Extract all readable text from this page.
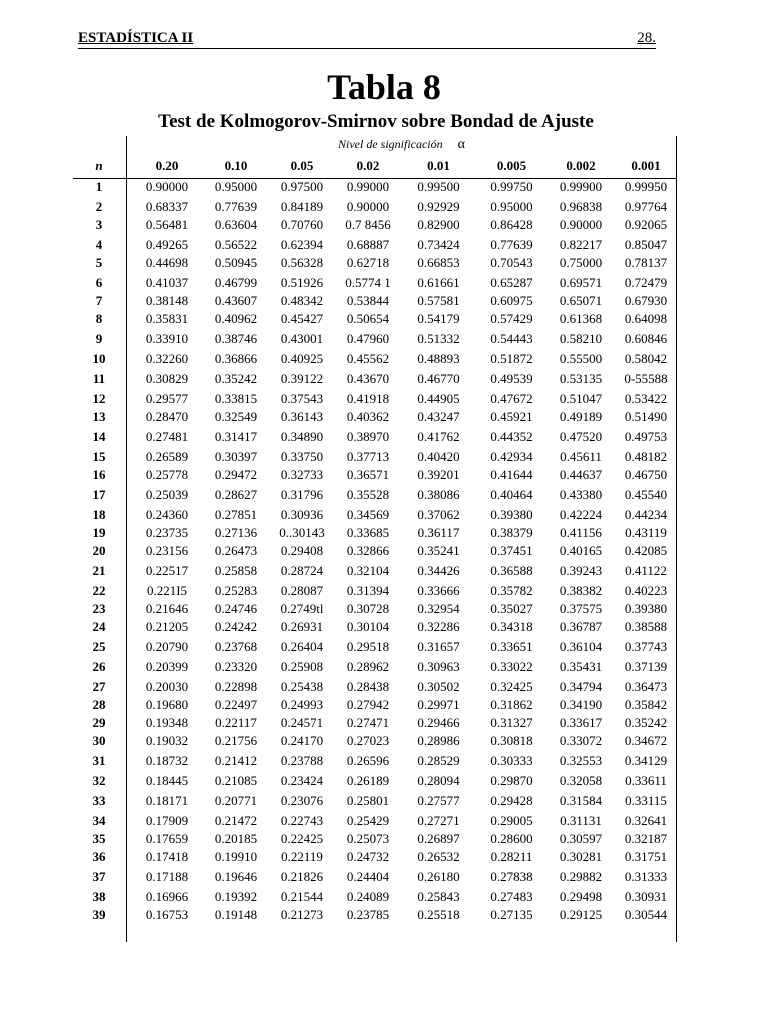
ESTADÍSTICA II	28.
Tabla 8
Test de Kolmogorov-Smirnov sobre Bondad de Ajuste
Nivel de significación α
n	0.20	0.10	0.05	0.02	0.01	0.005	0.002	0.001
1	0.90000	0.95000	0.97500	0.99000	0.99500	0.99750	0.99900	0.99950
2	0.68337	0.77639	0.84189	0.90000	0.92929	0.95000	0.96838	0.97764
3	0.56481	0.63604	0.70760	0.7 8456	0.82900	0.86428	0.90000	0.92065
4	0.49265	0.56522	0.62394	0.68887	0.73424	0.77639	0.82217	0.85047
5	0.44698	0.50945	0.56328	0.62718	0.66853	0.70543	0.75000	0.78137
6	0.41037	0.46799	0.51926	0.5774 1	0.61661	0.65287	0.69571	0.72479
7	0.38148	0.43607	0.48342	0.53844	0.57581	0.60975	0.65071	0.67930
8	0.35831	0.40962	0.45427	0.50654	0.54179	0.57429	0.61368	0.64098
9	0.33910	0.38746	0.43001	0.47960	0.51332	0.54443	0.58210	0.60846
10	0.32260	0.36866	0.40925	0.45562	0.48893	0.51872	0.55500	0.58042
11	0.30829	0.35242	0.39122	0.43670	0.46770	0.49539	0.53135	0-55588
12	0.29577	0.33815	0.37543	0.41918	0.44905	0.47672	0.51047	0.53422
13	0.28470	0.32549	0.36143	0.40362	0.43247	0.45921	0.49189	0.51490
14	0.27481	0.31417	0.34890	0.38970	0.41762	0.44352	0.47520	0.49753
15	0.26589	0.30397	0.33750	0.37713	0.40420	0.42934	0.45611	0.48182
16	0.25778	0.29472	0.32733	0.36571	0.39201	0.41644	0.44637	0.46750
17	0.25039	0.28627	0.31796	0.35528	0.38086	0.40464	0.43380	0.45540
18	0.24360	0.27851	0.30936	0.34569	0.37062	0.39380	0.42224	0.44234
19	0.23735	0.27136	0..30143	0.33685	0.36117	0.38379	0.41156	0.43119
20	0.23156	0.26473	0.29408	0.32866	0.35241	0.37451	0.40165	0.42085
21	0.22517	0.25858	0.28724	0.32104	0.34426	0.36588	0.39243	0.41122
22	0.221I5	0.25283	0.28087	0.31394	0.33666	0.35782	0.38382	0.40223
23	0.21646	0.24746	0.2749tl	0.30728	0.32954	0.35027	0.37575	0.39380
24	0.21205	0.24242	0.26931	0.30104	0.32286	0.34318	0.36787	0.38588
25	0.20790	0.23768	0.26404	0.29518	0.31657	0.33651	0.36104	0.37743
26	0.20399	0.23320	0.25908	0.28962	0.30963	0.33022	0.35431	0.37139
27	0.20030	0.22898	0.25438	0.28438	0.30502	0.32425	0.34794	0.36473
28	0.19680	0.22497	0.24993	0.27942	0.29971	0.31862	0.34190	0.35842
29	0.19348	0.22117	0.24571	0.27471	0.29466	0.31327	0.33617	0.35242
30	0.19032	0.21756	0.24170	0.27023	0.28986	0.30818	0.33072	0.34672
31	0.18732	0.21412	0.23788	0.26596	0.28529	0.30333	0.32553	0.34129
32	0.18445	0.21085	0.23424	0.26189	0.28094	0.29870	0.32058	0.33611
33	0.18171	0.20771	0.23076	0.25801	0.27577	0.29428	0.31584	0.33115
34	0.17909	0.21472	0.22743	0.25429	0.27271	0.29005	0.31131	0.32641
35	0.17659	0.20185	0.22425	0.25073	0.26897	0.28600	0.30597	0.32187
36	0.17418	0.19910	0.22119	0.24732	0.26532	0.28211	0.30281	0.31751
37	0.17188	0.19646	0.21826	0.24404	0.26180	0.27838	0.29882	0.31333
38	0.16966	0.19392	0.21544	0.24089	0.25843	0.27483	0.29498	0.30931
39	0.16753	0.19148	0.21273	0.23785	0.25518	0.27135	0.29125	0.30544
